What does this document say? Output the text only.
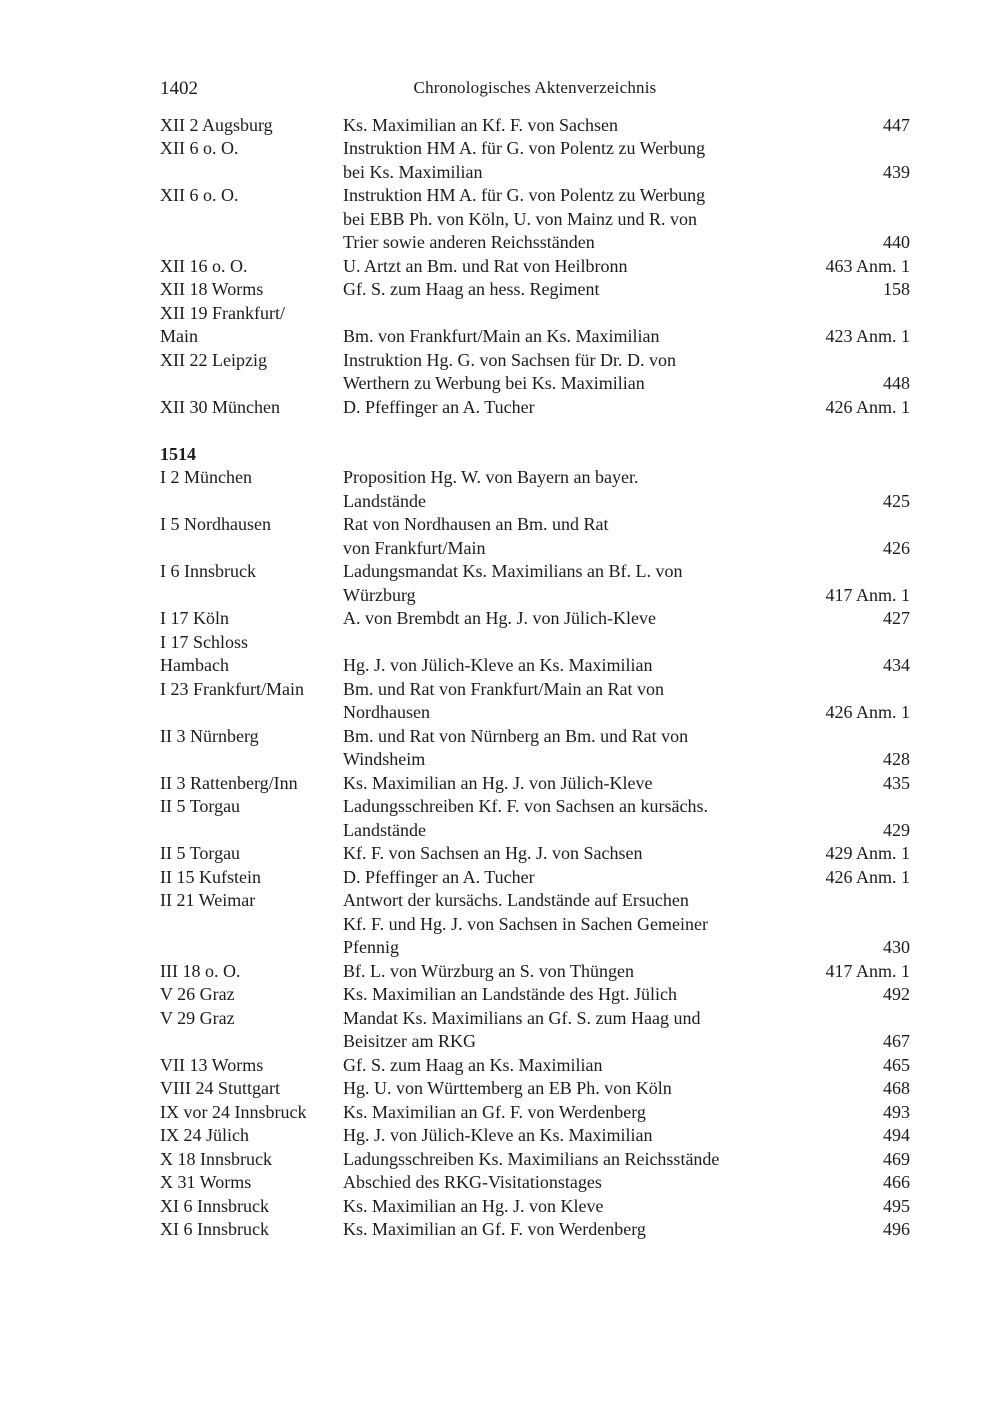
1402	Chronologisches Aktenverzeichnis
XII 2 Augsburg	Ks. Maximilian an Kf. F. von Sachsen	447
XII 6 o. O.	Instruktion HM A. für G. von Polentz zu Werbung
bei Ks. Maximilian	439
XII 6 o. O.	Instruktion HM A. für G. von Polentz zu Werbung
bei EBB Ph. von Köln, U. von Mainz und R. von
Trier sowie anderen Reichsständen	440
XII 16 o. O.	U. Artzt an Bm. und Rat von Heilbronn	463 Anm. 1
XII 18 Worms	Gf. S. zum Haag an hess. Regiment	158
XII 19 Frankfurt/
Main	Bm. von Frankfurt/Main an Ks. Maximilian	423 Anm. 1
XII 22 Leipzig	Instruktion Hg. G. von Sachsen für Dr. D. von
Werthern zu Werbung bei Ks. Maximilian	448
XII 30 München	D. Pfeffinger an A. Tucher	426 Anm. 1
1514
I 2 München	Proposition Hg. W. von Bayern an bayer.
Landstände	425
I 5 Nordhausen	Rat von Nordhausen an Bm. und Rat
von Frankfurt/Main	426
I 6 Innsbruck	Ladungsmandat Ks. Maximilians an Bf. L. von
Würzburg	417 Anm. 1
I 17 Köln	A. von Brembdt an Hg. J. von Jülich-Kleve	427
I 17 Schloss
Hambach	Hg. J. von Jülich-Kleve an Ks. Maximilian	434
I 23 Frankfurt/Main	Bm. und Rat von Frankfurt/Main an Rat von
Nordhausen	426 Anm. 1
II 3 Nürnberg	Bm. und Rat von Nürnberg an Bm. und Rat von
Windsheim	428
II 3 Rattenberg/Inn	Ks. Maximilian an Hg. J. von Jülich-Kleve	435
II 5 Torgau	Ladungsschreiben Kf. F. von Sachsen an kursächs.
Landstände	429
II 5 Torgau	Kf. F. von Sachsen an Hg. J. von Sachsen	429 Anm. 1
II 15 Kufstein	D. Pfeffinger an A. Tucher	426 Anm. 1
II 21 Weimar	Antwort der kursächs. Landstände auf Ersuchen
Kf. F. und Hg. J. von Sachsen in Sachen Gemeiner
Pfennig	430
III 18 o. O.	Bf. L. von Würzburg an S. von Thüngen	417 Anm. 1
V 26 Graz	Ks. Maximilian an Landstände des Hgt. Jülich	492
V 29 Graz	Mandat Ks. Maximilians an Gf. S. zum Haag und
Beisitzer am RKG	467
VII 13 Worms	Gf. S. zum Haag an Ks. Maximilian	465
VIII 24 Stuttgart	Hg. U. von Württemberg an EB Ph. von Köln	468
IX vor 24 Innsbruck	Ks. Maximilian an Gf. F. von Werdenberg	493
IX 24 Jülich	Hg. J. von Jülich-Kleve an Ks. Maximilian	494
X 18 Innsbruck	Ladungsschreiben Ks. Maximilians an Reichsstände	469
X 31 Worms	Abschied des RKG-Visitationstages	466
XI 6 Innsbruck	Ks. Maximilian an Hg. J. von Kleve	495
XI 6 Innsbruck	Ks. Maximilian an Gf. F. von Werdenberg	496
